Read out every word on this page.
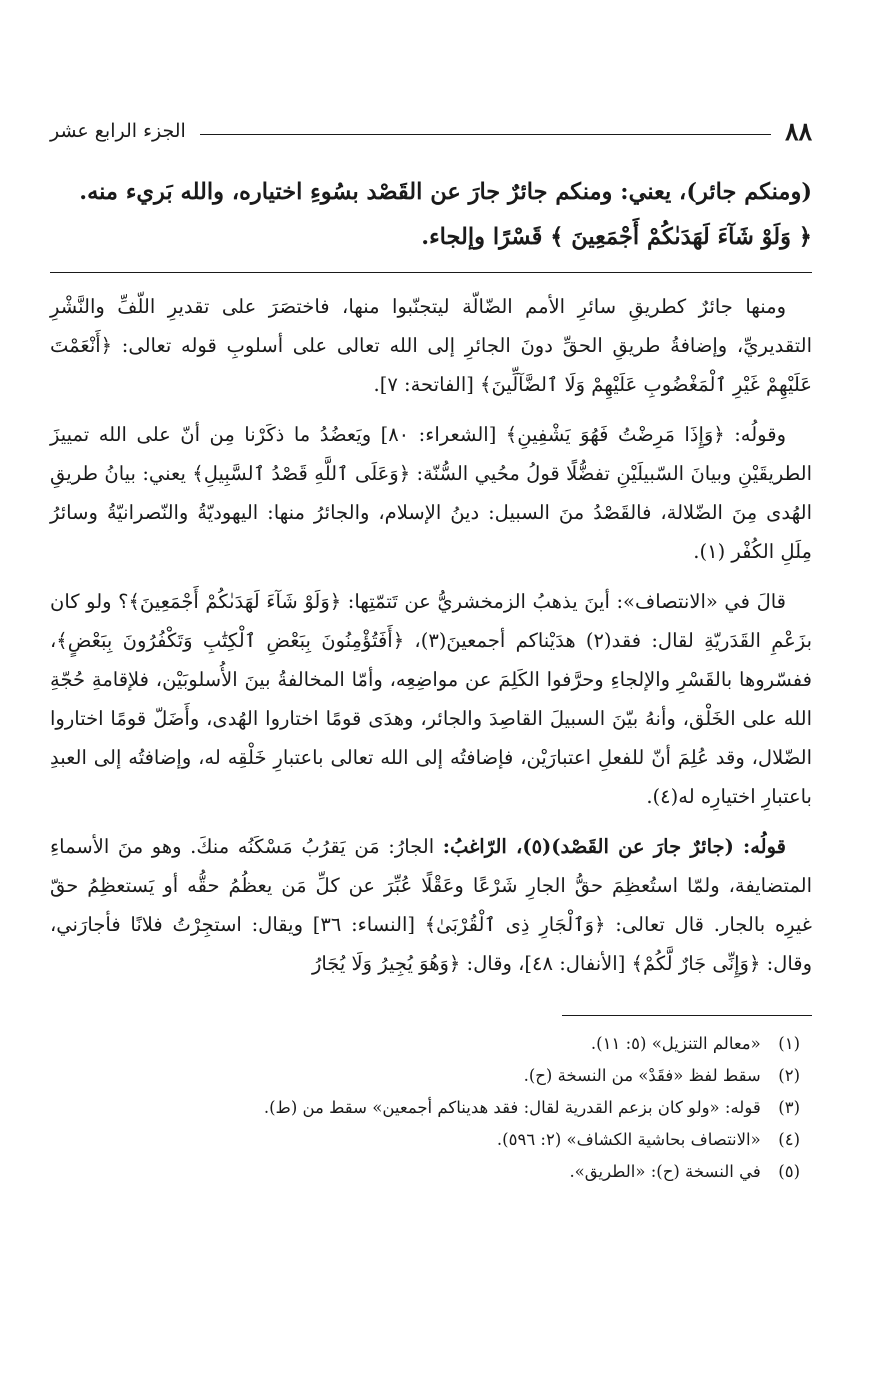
٨٨
الجزء الرابع عشر
(ومنكم جائر)، يعني: ومنكم جائرٌ جارَ عن القَصْد بسُوءِ اختياره، والله بَريء منه.
﴿ وَلَوْ شَآءَ لَهَدَىٰكُمْ أَجْمَعِينَ ﴾ قَسْرًا وإلجاء.

ومنها جائرٌ كطريقِ سائرِ الأمم الضّالّة ليتجنّبوا منها، فاختصَرَ على تقديرِ اللّفِّ والنَّشْرِ التقديريِّ، وإضافةُ طريقِ الحقِّ دونَ الجائرِ إلى الله تعالى على أسلوبِ قوله تعالى: ﴿أَنْعَمْتَ عَلَيْهِمْ غَيْرِ ٱلْمَغْضُوبِ عَلَيْهِمْ وَلَا ٱلضَّآلِّينَ﴾ [الفاتحة: ٧].

وقولُه: ﴿وَإِذَا مَرِضْتُ فَهُوَ يَشْفِينِ﴾ [الشعراء: ٨٠] ويَعضُدُ ما ذكَرْنا مِن أنّ على الله تمييزَ الطريقَيْنِ وبيانَ السّبيلَيْنِ تفضُّلًا قولُ محُيي السُّنّة: ﴿وَعَلَى ٱللَّهِ قَصْدُ ٱلسَّبِيلِ﴾ يعني: بيانُ طريقِ الهُدى مِنَ الضّلالة، فالقَصْدُ منَ السبيل: دينُ الإسلام، والجائرُ منها: اليهوديّةُ والنّصرانيّةُ وسائرُ مِلَلِ الكُفْر (١).

قالَ في «الانتصاف»: أينَ يذهبُ الزمخشريُّ عن تَتمّتِها: ﴿وَلَوْ شَآءَ لَهَدَىٰكُمْ أَجْمَعِينَ﴾؟ ولو كان بزَعْمِ القَدَريّةِ لقال: فقد(٢) هدَيْناكم أجمعينَ(٣)، ﴿أَفَتُؤْمِنُونَ بِبَعْضِ ٱلْكِتَٰبِ وَتَكْفُرُونَ بِبَعْضٍ﴾، ففسّروها بالقَسْرِ والإلجاءِ وحرَّفوا الكَلِمَ عن مواضِعِه، وأمّا المخالفةُ بينَ الأُسلوبَيْن، فلإقامةِ حُجّةِ الله على الخَلْق، وأنهُ بيّنَ السبيلَ القاصِدَ والجائر، وهدَى قومًا اختاروا الهُدى، وأَضَلّ قومًا اختاروا الضّلال، وقد عُلِمَ أنّ للفعلِ اعتبارَيْن، فإضافتُه إلى الله تعالى باعتبارِ خَلْقِه له، وإضافتُه إلى العبدِ باعتبارِ اختيارِه له(٤).

قولُه: (جائرٌ جارَ عن القَصْد)(٥)، الرّاغبُ: الجارُ: مَن يَقرُبُ مَسْكَنُه منكَ. وهو منَ الأسماءِ المتضايفة، ولمّا استُعظِمَ حقُّ الجارِ شَرْعًا وعَقْلًا عُبِّرَ عن كلِّ مَن يعظُمُ حقُّه أو يَستعظِمُ حقّ غيرِه بالجار. قال تعالى: ﴿وَٱلْجَارِ ذِى ٱلْقُرْبَىٰ﴾ [النساء: ٣٦] ويقال: استجِرْتُ فلانًا فأجارَني، وقال: ﴿وَإِنِّى جَارٌ لَّكُمْ﴾ [الأنفال: ٤٨]، وقال: ﴿وَهُوَ يُجِيرُ وَلَا يُجَارُ

(١) «معالم التنزيل» (٥: ١١).
(٢) سقط لفظ «فقَدْ» من النسخة (ح).
(٣) قوله: «ولو كان بزعم القدرية لقال: فقد هديناكم أجمعين» سقط من (ط).
(٤) «الانتصاف بحاشية الكشاف» (٢: ٥٩٦).
(٥) في النسخة (ح): «الطريق».
